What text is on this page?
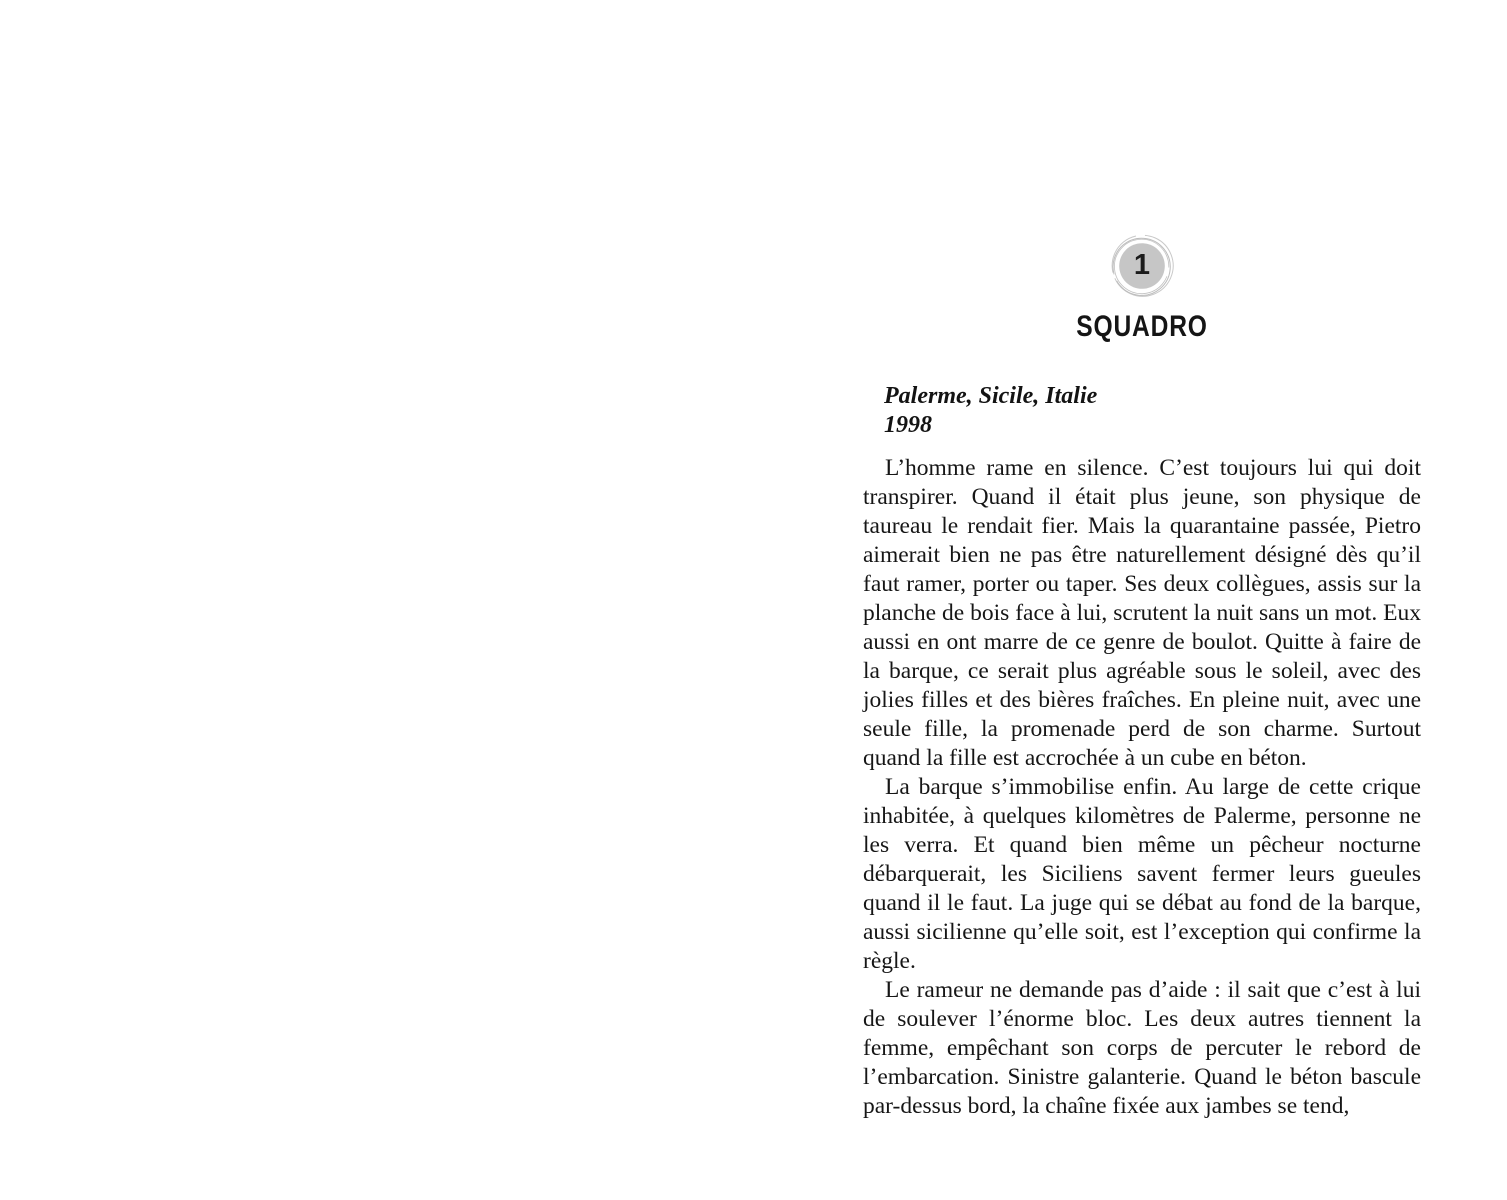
1
SQUADRO
Palerme, Sicile, Italie
1998

L’homme rame en silence. C’est toujours lui qui doit transpirer. Quand il était plus jeune, son physique de taureau le rendait fier. Mais la quarantaine passée, Pietro aimerait bien ne pas être naturellement désigné dès qu’il faut ramer, porter ou taper. Ses deux collègues, assis sur la planche de bois face à lui, scrutent la nuit sans un mot. Eux aussi en ont marre de ce genre de boulot. Quitte à faire de la barque, ce serait plus agréable sous le soleil, avec des jolies filles et des bières fraîches. En pleine nuit, avec une seule fille, la promenade perd de son charme. Surtout quand la fille est accrochée à un cube en béton.

La barque s’immobilise enfin. Au large de cette crique inhabitée, à quelques kilomètres de Palerme, personne ne les verra. Et quand bien même un pêcheur nocturne débarquerait, les Siciliens savent fermer leurs gueules quand il le faut. La juge qui se débat au fond de la barque, aussi sicilienne qu’elle soit, est l’exception qui confirme la règle.

Le rameur ne demande pas d’aide : il sait que c’est à lui de soulever l’énorme bloc. Les deux autres tiennent la femme, empêchant son corps de percuter le rebord de l’embarcation. Sinistre galanterie. Quand le béton bascule par-dessus bord, la chaîne fixée aux jambes se tend,
